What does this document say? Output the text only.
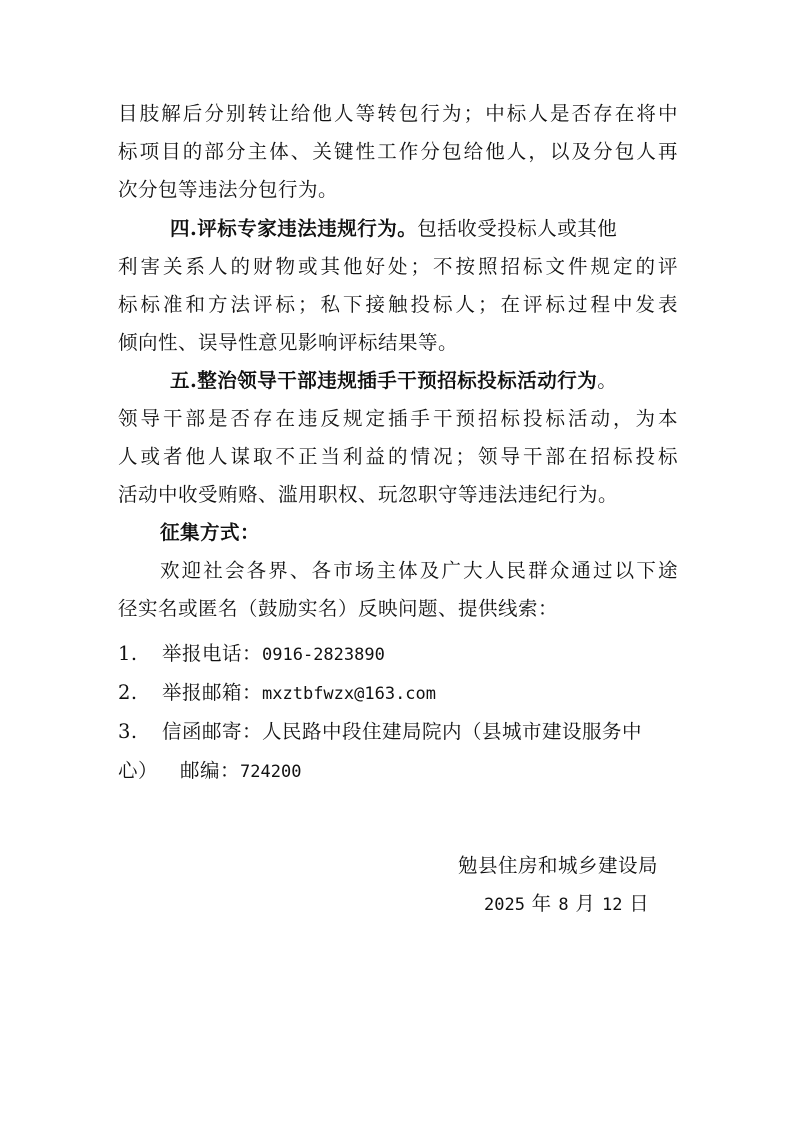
目肢解后分别转让给他人等转包行为；中标人是否存在将中
标项目的部分主体、关键性工作分包给他人，以及分包人再
次分包等违法分包行为。
四.评标专家违法违规行为。包括收受投标人或其他
利害关系人的财物或其他好处；不按照招标文件规定的评
标标准和方法评标；私下接触投标人；在评标过程中发表
倾向性、误导性意见影响评标结果等。
五.整治领导干部违规插手干预招标投标活动行为。
领导干部是否存在违反规定插手干预招标投标活动，为本
人或者他人谋取不正当利益的情况；领导干部在招标投标
活动中收受贿赂、滥用职权、玩忽职守等违法违纪行为。
征集方式：
欢迎社会各界、各市场主体及广大人民群众通过以下途
径实名或匿名（鼓励实名）反映问题、提供线索：
1. 举报电话：0916-2823890
2. 举报邮箱：mxztbfwzx@163.com
3. 信函邮寄：人民路中段住建局院内（县城市建设服务中
心） 邮编：724200
勉县住房和城乡建设局
2025 年 8 月 12 日
